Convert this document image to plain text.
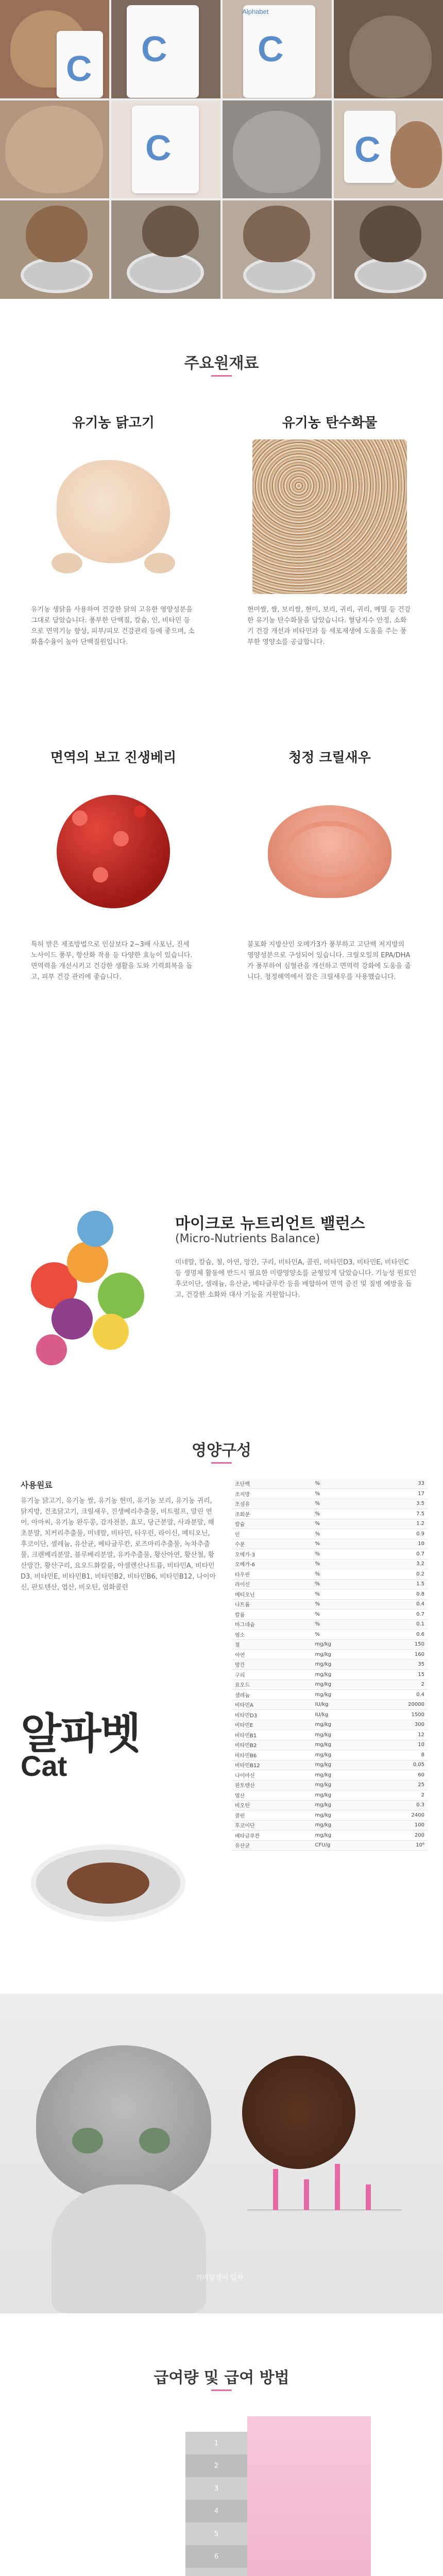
C
C
C
Alphabet
C
C
주요원재료
유기농 닭고기
유기농 생닭을 사용하여 건강한 닭의 고유한 영양성분을 그대로 담았습니다. 풍부한 단백질, 칼슘, 인, 비타민 등으로 면역기능 향상, 피부/피모 건강관리 등에 좋으며, 소화흡수율이 높아 단백질원입니다.
유기농 탄수화물
현미쌀, 쌀, 보리쌀, 현미, 보리, 귀리, 귀리, 메밀 등 건강한 유기농 탄수화물을 담았습니다. 혈당지수 안정, 소화기 건강 개선과 비타민과 등 세포재생에 도움을 주는 풍부한 영양소를 공급합니다.
면역의 보고 진생베리
특허 받은 제조방법으로 인삼보다 2~3배 사포닌, 진세노사이드 풍부, 항산화 작용 등 다양한 효능이 있습니다. 면역력을 개선시키고 건강한 생활을 도와 기력회복을 돕고, 피부 건강 관리에 좋습니다.
청정 크릴새우
불포화 지방산인 오메가3가 풍부하고 고단백 저지방의 영양성분으로 구성되어 있습니다. 크릴오일의 EPA/DHA가 풍부하여 심혈관을 개선하고 면역력 강화에 도움을 줍니다. 청정해역에서 잡은 크릴새우를 사용했습니다.
마이크로 뉴트리언트 밸런스
(Micro-Nutrients Balance)
미네랄, 칼슘, 철, 아연, 망간, 구리, 비타민A, 콜린, 비타민D3, 비타민E, 비타민C 등 생명체 활동에 반드시 필요한 미량영양소를 균형있게 담았습니다. 기능성 원료인 후코이단, 셀레늄, 유산균, 베타글루칸 등을 배합하여 면역 증진 및 질병 예방을 돕고, 건강한 소화와 대사 기능을 지원합니다.
영양구성
사용원료
유기농 닭고기, 유기농 쌀, 유기농 현미, 유기농 보리, 유기농 귀리, 닭지방, 건조닭고기, 크릴새우, 진생베리추출물, 비트펄프, 말린 연어, 아마씨, 유기농 완두콩, 감자전분, 효모, 당근분말, 사과분말, 해초분말, 치커리추출물, 미네랄, 비타민, 타우린, 라이신, 메티오닌, 후코이단, 셀레늄, 유산균, 베타글루칸, 로즈마리추출물, 녹차추출물, 크랜베리분말, 블루베리분말, 유카추출물, 황산아연, 황산철, 황산망간, 황산구리, 요오드화칼륨, 아셀렌산나트륨, 비타민A, 비타민D3, 비타민E, 비타민B1, 비타민B2, 비타민B6, 비타민B12, 나이아신, 판토텐산, 엽산, 비오틴, 염화콜린
알파벳
Cat
조단백	%	33
조지방	%	17
조섬유	%	3.5
조회분	%	7.5
칼슘	%	1.2
인	%	0.9
수분	%	10
오메가-3	%	0.7
오메가-6	%	3.2
타우린	%	0.2
라이신	%	1.5
메티오닌	%	0.8
나트륨	%	0.4
칼륨	%	0.7
마그네슘	%	0.1
염소	%	0.6
철	mg/kg	150
아연	mg/kg	160
망간	mg/kg	35
구리	mg/kg	15
요오드	mg/kg	2
셀레늄	mg/kg	0.4
비타민A	IU/kg	20000
비타민D3	IU/kg	1500
비타민E	mg/kg	300
비타민B1	mg/kg	12
비타민B2	mg/kg	10
비타민B6	mg/kg	8
비타민B12	mg/kg	0.05
나이아신	mg/kg	60
판토텐산	mg/kg	25
엽산	mg/kg	2
비오틴	mg/kg	0.3
콜린	mg/kg	2400
후코이단	mg/kg	100
베타글루칸	mg/kg	200
유산균	CFU/g	10⁶
기미알갱이 입자
급여량 및 급여 방법
1
2
3
4
5
6
